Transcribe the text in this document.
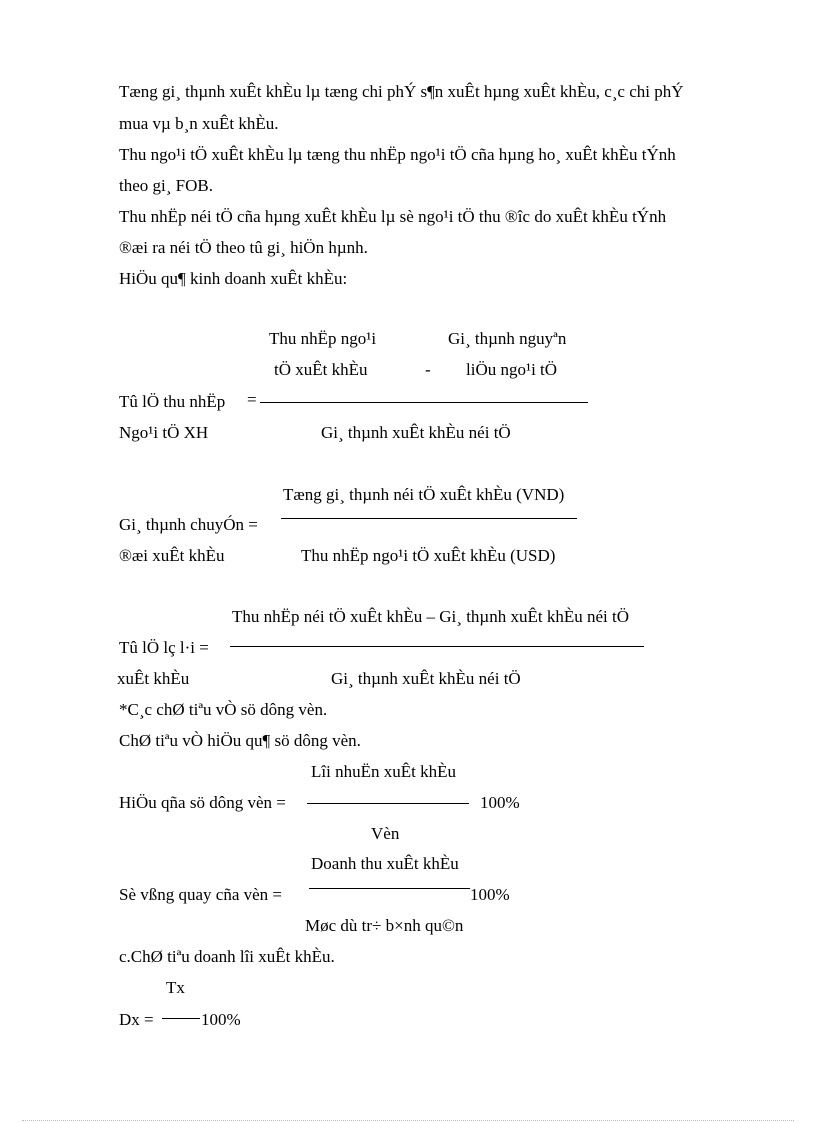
Tæng gi¸ thµnh xuÊt khÈu lµ tæng chi phÝ s¶n xuÊt hµng xuÊt khÈu, c¸c chi phÝ
mua vµ b¸n xuÊt khÈu.
Thu ngo¹i tÖ xuÊt khÈu lµ tæng thu nhËp ngo¹i tÖ cña hµng ho¸ xuÊt khÈu tÝnh
theo gi¸ FOB.
Thu nhËp néi tÖ cña hµng xuÊt khÈu lµ sè ngo¹i tÖ thu ®îc do xuÊt khÈu tÝnh
®æi ra néi tÖ theo tû gi¸ hiÖn hµnh.
HiÖu qu¶ kinh doanh xuÊt khÈu:
Thu nhËp ngo¹i	Gi¸ thµnh nguyªn
tÖ xuÊt khÈu	- liÖu ngo¹i tÖ
Tû lÖ thu nhËp =
Ngo¹i tÖ XH	Gi¸ thµnh xuÊt khÈu néi tÖ
Tæng gi¸ thµnh néi tÖ xuÊt khÈu (VND)
Gi¸ thµnh chuyÓn =
®æi xuÊt khÈu	Thu nhËp ngo¹i tÖ xuÊt khÈu (USD)
Thu nhËp néi tÖ xuÊt khÈu – Gi¸ thµnh xuÊt khÈu néi tÖ
Tû lÖ lç l·i =
xuÊt khÈu	Gi¸ thµnh xuÊt khÈu néi tÖ
*C¸c chØ tiªu vÒ sö dông vèn.
ChØ tiªu vÒ hiÖu qu¶ sö dông vèn.
Lîi nhuËn xuÊt khÈu
HiÖu qña sö dông vèn =	100%
Vèn
Doanh thu xuÊt khÈu
Sè vßng quay cña vèn =	100%
Møc dù tr÷ b×nh qu©n
c.ChØ tiªu doanh lîi xuÊt khÈu.
Tx
Dx =	100%
